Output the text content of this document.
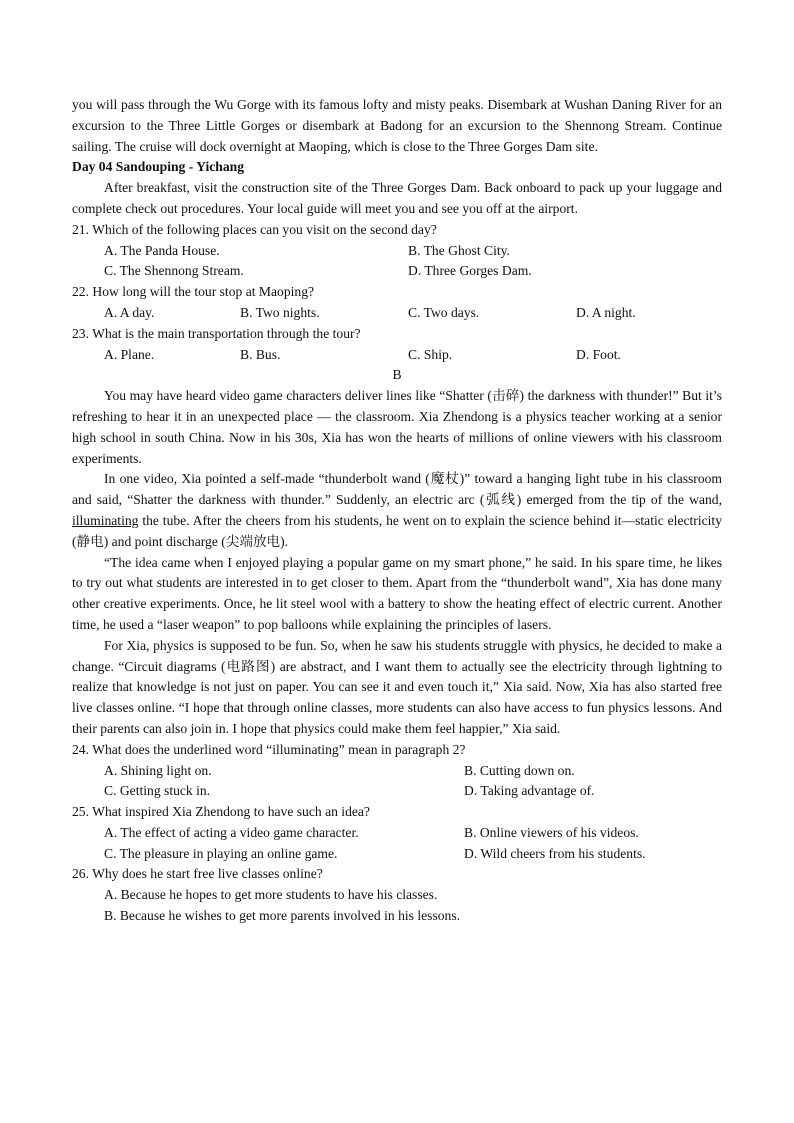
you will pass through the Wu Gorge with its famous lofty and misty peaks. Disembark at Wushan Daning River for an excursion to the Three Little Gorges or disembark at Badong for an excursion to the Shennong Stream. Continue sailing. The cruise will dock overnight at Maoping, which is close to the Three Gorges Dam site.

Day 04 Sandouping - Yichang

After breakfast, visit the construction site of the Three Gorges Dam. Back onboard to pack up your luggage and complete check out procedures. Your local guide will meet you and see you off at the airport.

21. Which of the following places can you visit on the second day?

A. The Panda House.	B. The Ghost City.
C. The Shennong Stream.	D. Three Gorges Dam.

22. How long will the tour stop at Maoping?

A. A day.	B. Two nights.	C. Two days.	D. A night.

23. What is the main transportation through the tour?

A. Plane.	B. Bus.	C. Ship.	D. Foot.

B

You may have heard video game characters deliver lines like “Shatter (击碎) the darkness with thunder!” But it’s refreshing to hear it in an unexpected place — the classroom. Xia Zhendong is a physics teacher working at a senior high school in south China. Now in his 30s, Xia has won the hearts of millions of online viewers with his classroom experiments.

In one video, Xia pointed a self-made “thunderbolt wand (魔杖)” toward a hanging light tube in his classroom and said, “Shatter the darkness with thunder.” Suddenly, an electric arc (弧线) emerged from the tip of the wand, illuminating the tube. After the cheers from his students, he went on to explain the science behind it—static electricity (静电) and point discharge (尖端放电).

“The idea came when I enjoyed playing a popular game on my smart phone,” he said. In his spare time, he likes to try out what students are interested in to get closer to them. Apart from the “thunderbolt wand”, Xia has done many other creative experiments. Once, he lit steel wool with a battery to show the heating effect of electric current. Another time, he used a “laser weapon” to pop balloons while explaining the principles of lasers.

For Xia, physics is supposed to be fun. So, when he saw his students struggle with physics, he decided to make a change. “Circuit diagrams (电路图) are abstract, and I want them to actually see the electricity through lightning to realize that knowledge is not just on paper. You can see it and even touch it,” Xia said. Now, Xia has also started free live classes online. “I hope that through online classes, more students can also have access to fun physics lessons. And their parents can also join in. I hope that physics could make them feel happier,” Xia said.

24. What does the underlined word “illuminating” mean in paragraph 2?

A. Shining light on.	B. Cutting down on.
C. Getting stuck in.	D. Taking advantage of.

25. What inspired Xia Zhendong to have such an idea?

A. The effect of acting a video game character.	B. Online viewers of his videos.
C. The pleasure in playing an online game.	D. Wild cheers from his students.

26. Why does he start free live classes online?

A. Because he hopes to get more students to have his classes.
B. Because he wishes to get more parents involved in his lessons.
